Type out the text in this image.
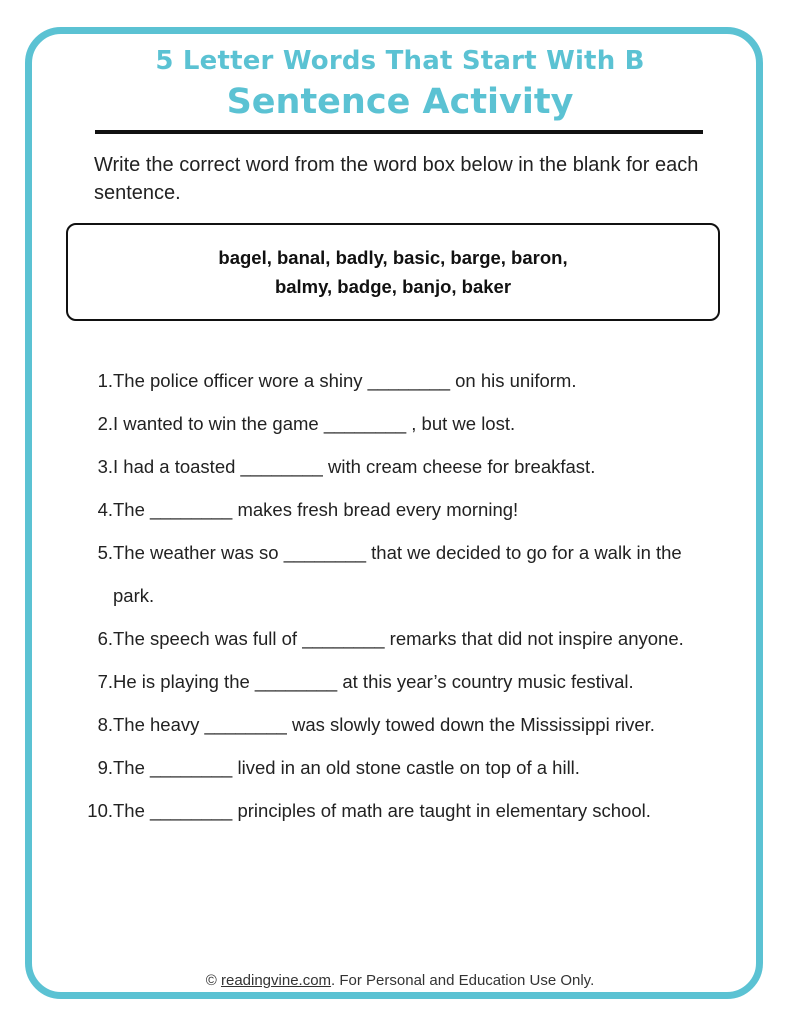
5 Letter Words That Start With B
Sentence Activity
Write the correct word from the word box below in the blank for each sentence.
bagel, banal, badly, basic, barge, baron,
balmy, badge, banjo, baker
1. The police officer wore a shiny ________ on his uniform.
2. I wanted to win the game ________ , but we lost.
3. I had a toasted ________ with cream cheese for breakfast.
4. The ________ makes fresh bread every morning!
5. The weather was so ________ that we decided to go for a walk in the park.
6. The speech was full of ________ remarks that did not inspire anyone.
7. He is playing the ________ at this year’s country music festival.
8. The heavy ________ was slowly towed down the Mississippi river.
9. The ________ lived in an old stone castle on top of a hill.
10. The ________ principles of math are taught in elementary school.
© readingvine.com. For Personal and Education Use Only.
